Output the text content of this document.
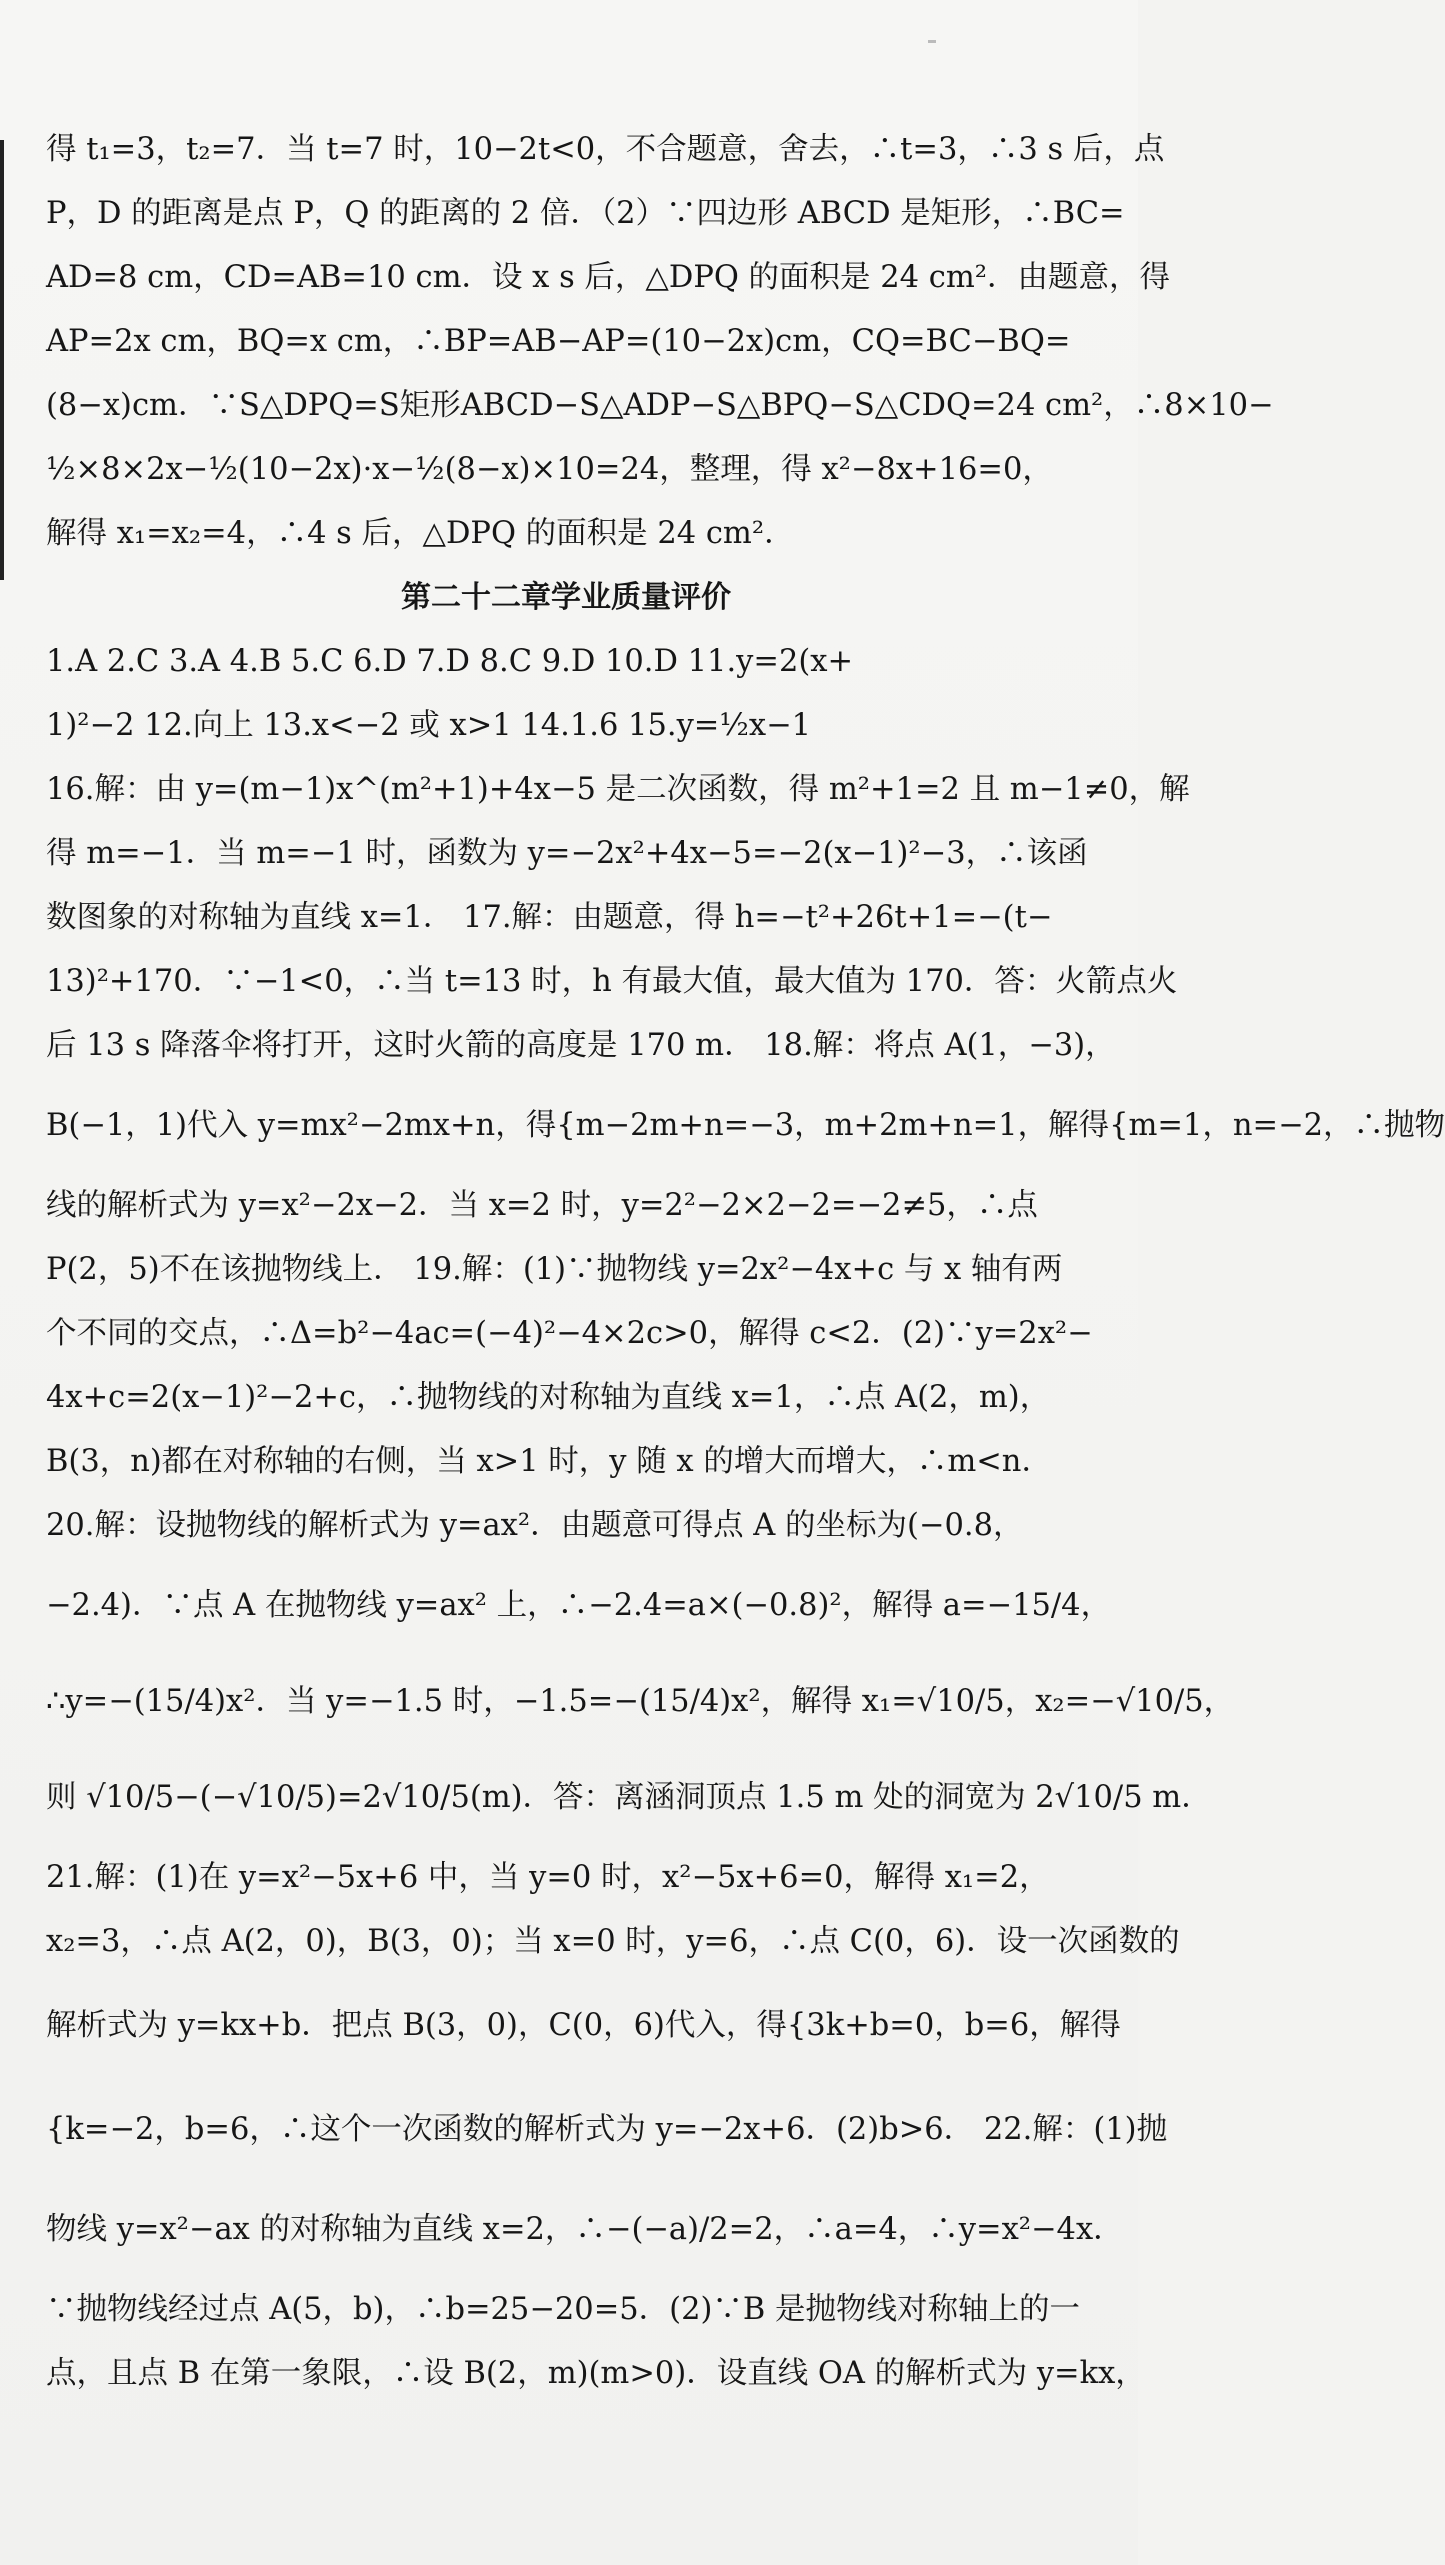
得 t₁=3，t₂=7．当 t=7 时，10−2t<0，不合题意，舍去，∴t=3，∴3 s 后，点
P，D 的距离是点 P，Q 的距离的 2 倍．（2）∵四边形 ABCD 是矩形，∴BC=
AD=8 cm，CD=AB=10 cm．设 x s 后，△DPQ 的面积是 24 cm²．由题意，得
AP=2x cm，BQ=x cm，∴BP=AB−AP=(10−2x)cm，CQ=BC−BQ=
(8−x)cm．∵S△DPQ=S矩形ABCD−S△ADP−S△BPQ−S△CDQ=24 cm²，∴8×10−
½×8×2x−½(10−2x)·x−½(8−x)×10=24，整理，得 x²−8x+16=0，
解得 x₁=x₂=4，∴4 s 后，△DPQ 的面积是 24 cm²．
第二十二章学业质量评价
1.A 2.C 3.A 4.B 5.C 6.D 7.D 8.C 9.D 10.D 11.y=2(x+
1)²−2 12.向上 13.x<−2 或 x>1 14.1.6 15.y=½x−1
16.解：由 y=(m−1)x^(m²+1)+4x−5 是二次函数，得 m²+1=2 且 m−1≠0，解
得 m=−1．当 m=−1 时，函数为 y=−2x²+4x−5=−2(x−1)²−3，∴该函
数图象的对称轴为直线 x=1． 17.解：由题意，得 h=−t²+26t+1=−(t−
13)²+170．∵−1<0，∴当 t=13 时，h 有最大值，最大值为 170．答：火箭点火
后 13 s 降落伞将打开，这时火箭的高度是 170 m． 18.解：将点 A(1，−3)，
B(−1，1)代入 y=mx²−2mx+n，得{m−2m+n=−3，m+2m+n=1，解得{m=1，n=−2，∴抛物
线的解析式为 y=x²−2x−2．当 x=2 时，y=2²−2×2−2=−2≠5，∴点
P(2，5)不在该抛物线上． 19.解：(1)∵抛物线 y=2x²−4x+c 与 x 轴有两
个不同的交点，∴Δ=b²−4ac=(−4)²−4×2c>0，解得 c<2．(2)∵y=2x²−
4x+c=2(x−1)²−2+c，∴抛物线的对称轴为直线 x=1，∴点 A(2，m)，
B(3，n)都在对称轴的右侧，当 x>1 时，y 随 x 的增大而增大，∴m<n．
20.解：设抛物线的解析式为 y=ax²．由题意可得点 A 的坐标为(−0.8，
−2.4)．∵点 A 在抛物线 y=ax² 上，∴−2.4=a×(−0.8)²，解得 a=−15/4，
∴y=−(15/4)x²．当 y=−1.5 时，−1.5=−(15/4)x²，解得 x₁=√10/5，x₂=−√10/5，
则 √10/5−(−√10/5)=2√10/5(m)．答：离涵洞顶点 1.5 m 处的洞宽为 2√10/5 m．
21.解：(1)在 y=x²−5x+6 中，当 y=0 时，x²−5x+6=0，解得 x₁=2，
x₂=3，∴点 A(2，0)，B(3，0)；当 x=0 时，y=6，∴点 C(0，6)．设一次函数的
解析式为 y=kx+b．把点 B(3，0)，C(0，6)代入，得{3k+b=0，b=6，解得
{k=−2，b=6，∴这个一次函数的解析式为 y=−2x+6．(2)b>6． 22.解：(1)抛
物线 y=x²−ax 的对称轴为直线 x=2，∴−(−a)/2=2，∴a=4，∴y=x²−4x．
∵抛物线经过点 A(5，b)，∴b=25−20=5．(2)∵B 是抛物线对称轴上的一
点，且点 B 在第一象限，∴设 B(2，m)(m>0)．设直线 OA 的解析式为 y=kx，
